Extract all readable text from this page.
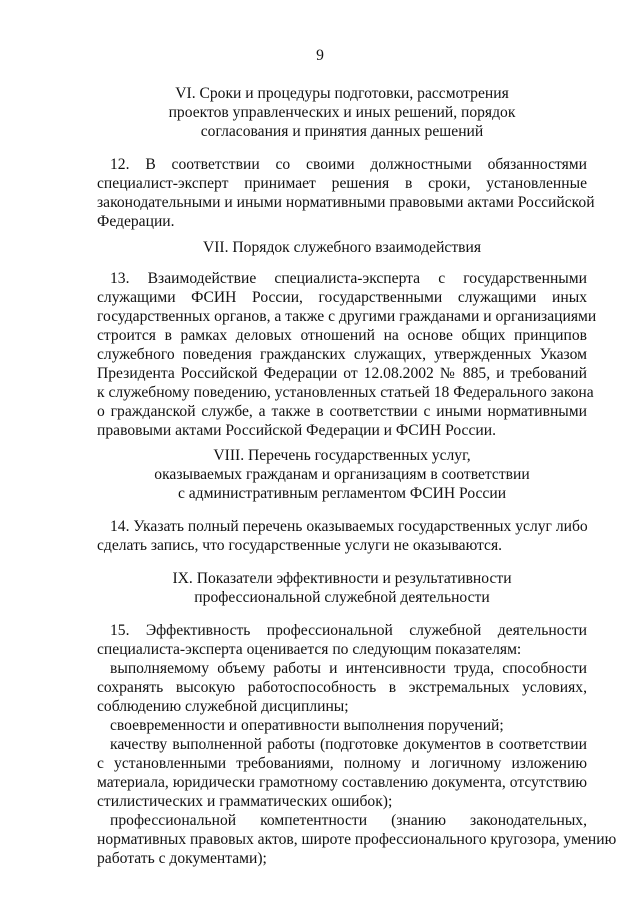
9
VI. Сроки и процедуры подготовки, рассмотрения
проектов управленческих и иных решений, порядок
согласования и принятия данных решений
12. В соответствии со своими должностными обязанностями
специалист-эксперт принимает решения в сроки, установленные
законодательными и иными нормативными правовыми актами Российской
Федерации.
VII. Порядок служебного взаимодействия
13. Взаимодействие специалиста-эксперта с государственными
служащими ФСИН России, государственными служащими иных
государственных органов, а также с другими гражданами и организациями
строится в рамках деловых отношений на основе общих принципов
служебного поведения гражданских служащих, утвержденных Указом
Президента Российской Федерации от 12.08.2002 № 885, и требований
к служебному поведению, установленных статьей 18 Федерального закона
о гражданской службе, а также в соответствии с иными нормативными
правовыми актами Российской Федерации и ФСИН России.
VIII. Перечень государственных услуг,
оказываемых гражданам и организациям в соответствии
с административным регламентом ФСИН России
14. Указать полный перечень оказываемых государственных услуг либо
сделать запись, что государственные услуги не оказываются.
IX. Показатели эффективности и результативности
профессиональной служебной деятельности
15. Эффективность профессиональной служебной деятельности
специалиста-эксперта оценивается по следующим показателям:
выполняемому объему работы и интенсивности труда, способности
сохранять высокую работоспособность в экстремальных условиях,
соблюдению служебной дисциплины;
своевременности и оперативности выполнения поручений;
качеству выполненной работы (подготовке документов в соответствии
с установленными требованиями, полному и логичному изложению
материала, юридически грамотному составлению документа, отсутствию
стилистических и грамматических ошибок);
профессиональной компетентности (знанию законодательных,
нормативных правовых актов, широте профессионального кругозора, умению
работать с документами);
